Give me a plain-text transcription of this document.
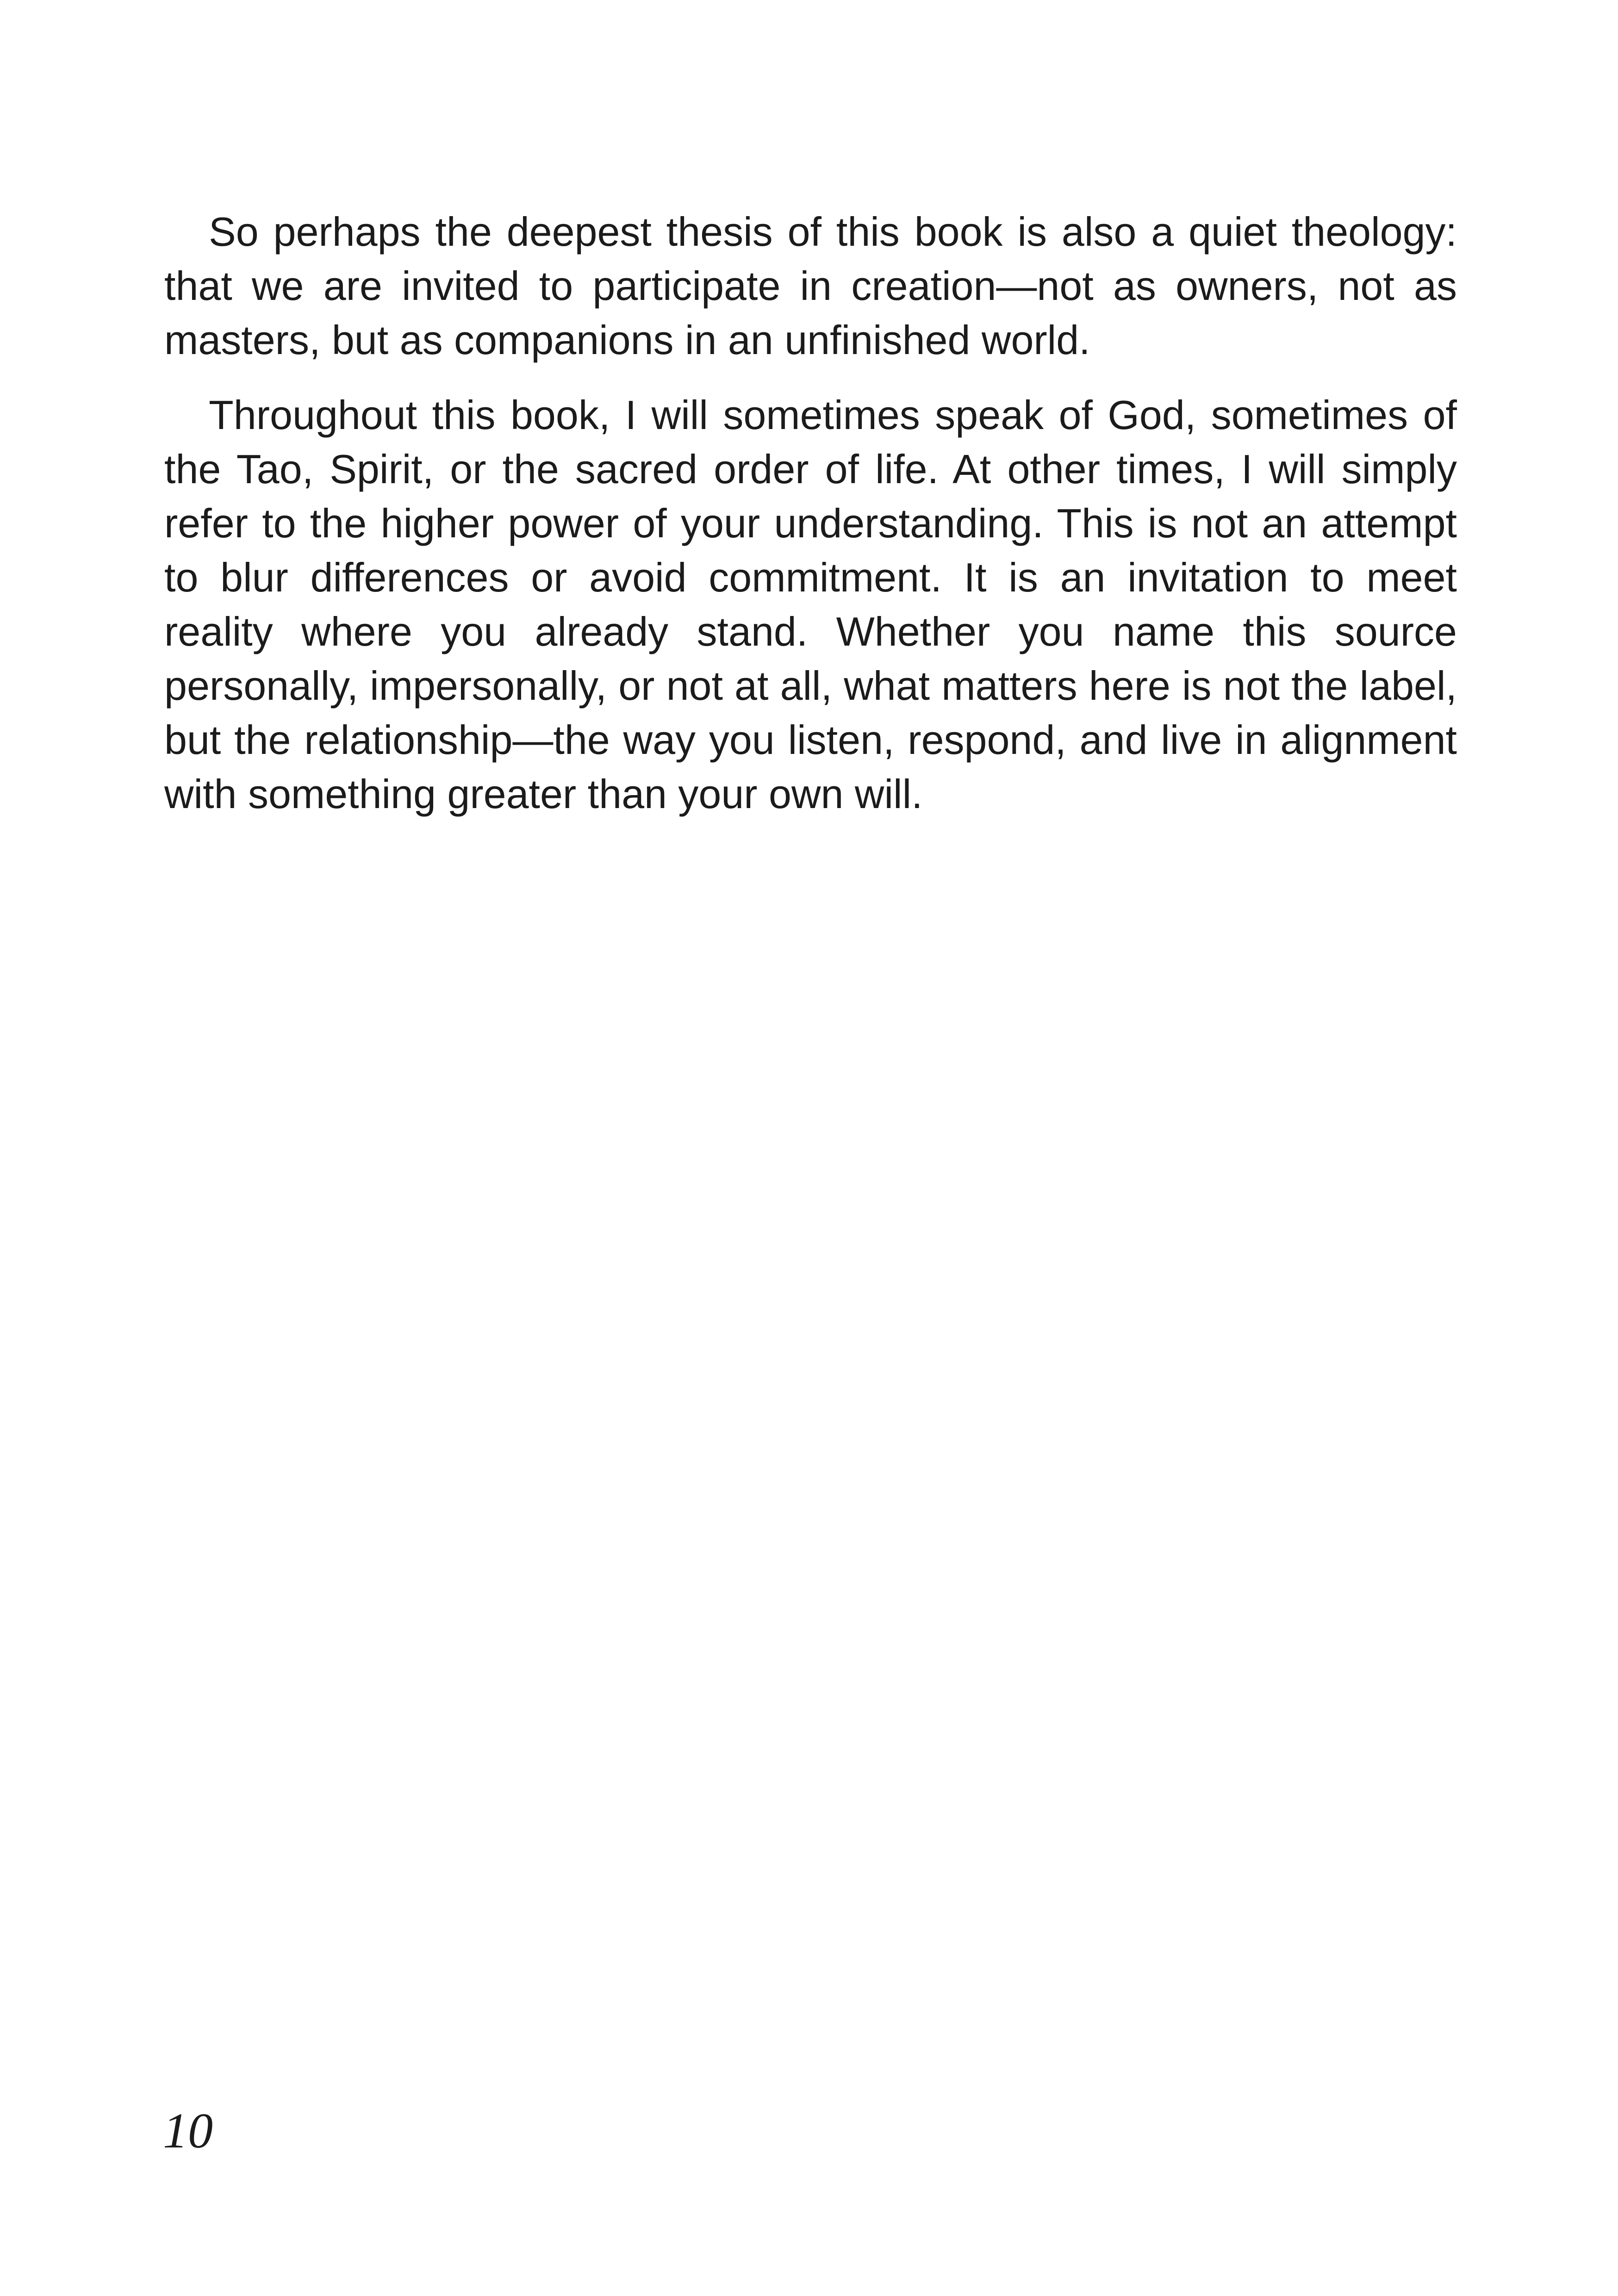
So perhaps the deepest thesis of this book is also a quiet theology: that we are invited to participate in creation—not as owners, not as masters, but as companions in an unfinished world.

Throughout this book, I will sometimes speak of God, sometimes of the Tao, Spirit, or the sacred order of life. At other times, I will simply refer to the higher power of your understanding. This is not an attempt to blur differences or avoid commitment. It is an invitation to meet reality where you already stand. Whether you name this source personally, impersonally, or not at all, what matters here is not the label, but the relationship—the way you listen, respond, and live in alignment with something greater than your own will.

10
